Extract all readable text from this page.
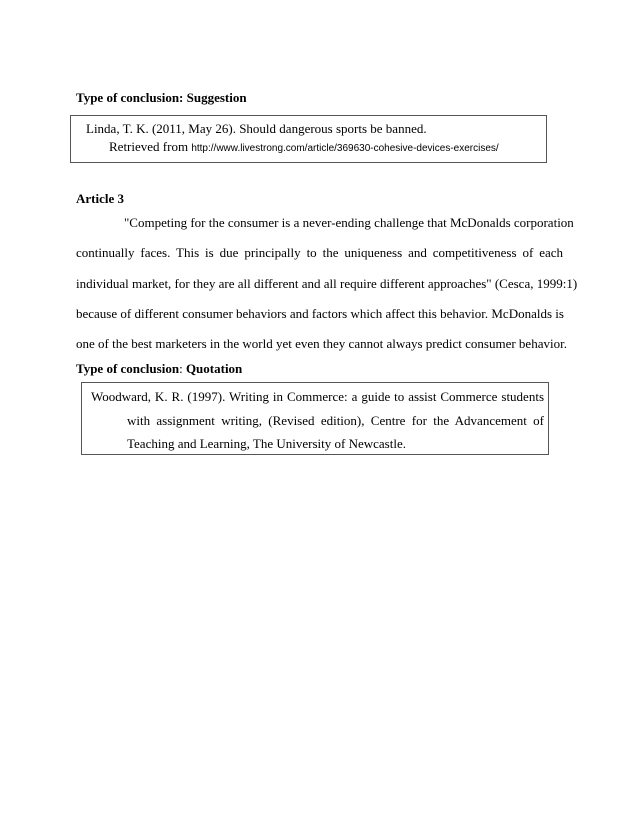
Type of conclusion: Suggestion
Linda, T. K. (2011, May 26). Should dangerous sports be banned.
Retrieved from http://www.livestrong.com/article/369630-cohesive-devices-exercises/
Article 3
"Competing for the consumer is a never-ending challenge that McDonalds corporation
continually faces. This is due principally to the uniqueness and competitiveness of each
individual market, for they are all different and all require different approaches" (Cesca, 1999:1)
because of different consumer behaviors and factors which affect this behavior. McDonalds is
one of the best marketers in the world yet even they cannot always predict consumer behavior.
Type of conclusion: Quotation
Woodward, K. R. (1997). Writing in Commerce: a guide to assist Commerce students
with assignment writing, (Revised edition), Centre for the Advancement of
Teaching and Learning, The University of Newcastle.
